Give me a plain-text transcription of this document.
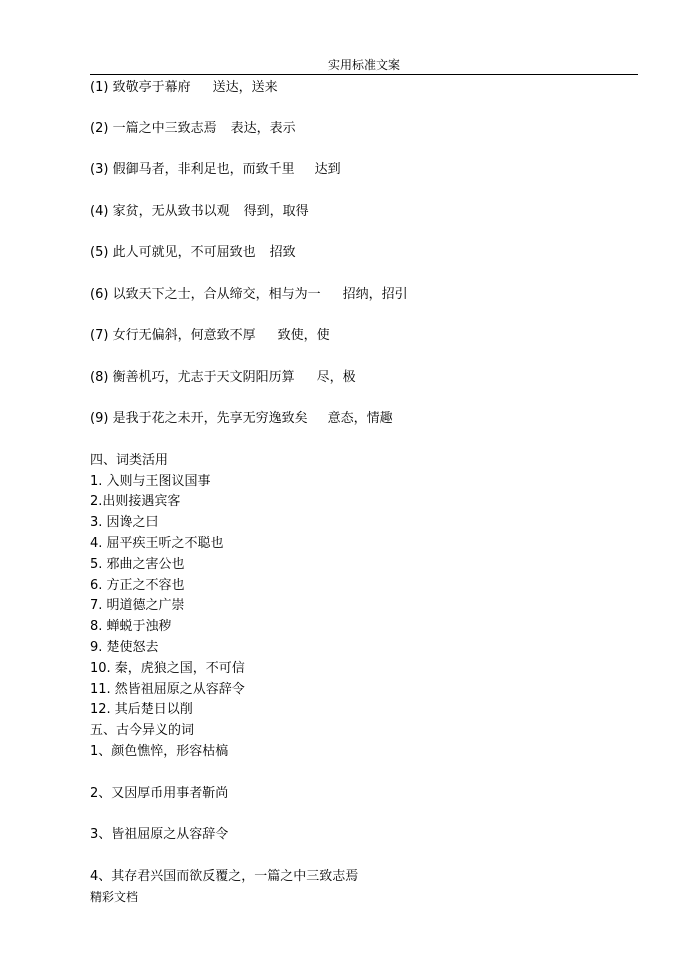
实用标准文案
(1) 致敬亭于幕府 送达，送来
(2) 一篇之中三致志焉 表达，表示
(3) 假御马者，非利足也，而致千里 达到
(4) 家贫，无从致书以观 得到，取得
(5) 此人可就见，不可屈致也 招致
(6) 以致天下之士，合从缔交，相与为一 招纳，招引
(7) 女行无偏斜，何意致不厚 致使，使
(8) 衡善机巧，尤志于天文阴阳历算 尽，极
(9) 是我于花之未开，先享无穷逸致矣 意态，情趣
四、词类活用
1. 入则与王图议国事
2.出则接遇宾客
3. 因谗之曰
4. 屈平疾王听之不聪也
5. 邪曲之害公也
6. 方正之不容也
7. 明道德之广崇
8. 蝉蜕于浊秽
9. 楚使怒去
10. 秦，虎狼之国，不可信
11. 然皆祖屈原之从容辞令
12. 其后楚日以削
五、古今异义的词
1、颜色憔悴，形容枯槁
2、又因厚币用事者靳尚
3、皆祖屈原之从容辞令
4、其存君兴国而欲反覆之，一篇之中三致志焉
精彩文档
